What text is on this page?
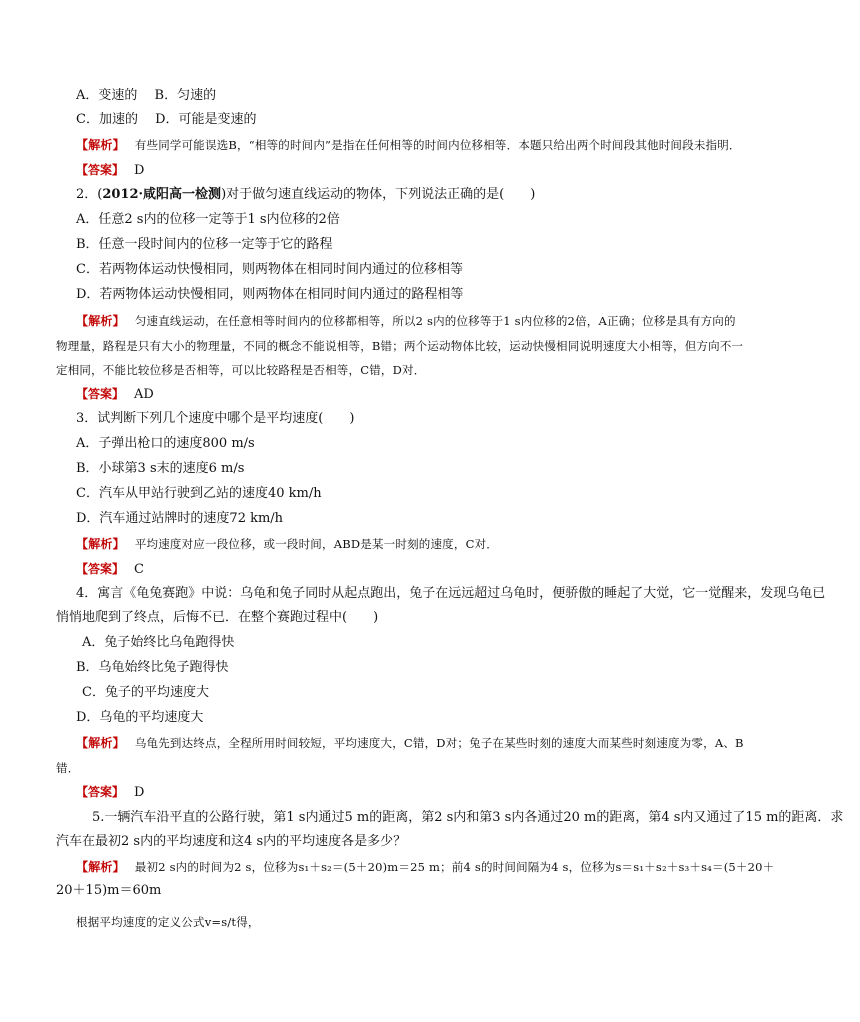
A．变速的　 B．匀速的
C．加速的　 D．可能是变速的
【解析】 有些同学可能误选B，“相等的时间内”是指在任何相等的时间内位移相等．本题只给出两个时间段其他时间段未指明．
【答案】 D
2．(2012·咸阳高一检测)对于做匀速直线运动的物体，下列说法正确的是(　　)
A．任意2 s内的位移一定等于1 s内位移的2倍
B．任意一段时间内的位移一定等于它的路程
C．若两物体运动快慢相同，则两物体在相同时间内通过的位移相等
D．若两物体运动快慢相同，则两物体在相同时间内通过的路程相等
【解析】 匀速直线运动，在任意相等时间内的位移都相等，所以2 s内的位移等于1 s内位移的2倍，A正确；位移是具有方向的
物理量，路程是只有大小的物理量，不同的概念不能说相等，B错；两个运动物体比较，运动快慢相同说明速度大小相等，但方向不一
定相同，不能比较位移是否相等，可以比较路程是否相等，C错，D对．
【答案】 AD
3．试判断下列几个速度中哪个是平均速度(　　)
A．子弹出枪口的速度800 m/s
B．小球第3 s末的速度6 m/s
C．汽车从甲站行驶到乙站的速度40 km/h
D．汽车通过站牌时的速度72 km/h
【解析】 平均速度对应一段位移，或一段时间，ABD是某一时刻的速度，C对．
【答案】 C
4．寓言《龟兔赛跑》中说：乌龟和兔子同时从起点跑出，兔子在远远超过乌龟时，便骄傲的睡起了大觉，它一觉醒来，发现乌龟已
悄悄地爬到了终点，后悔不已．在整个赛跑过程中(　　)
A．兔子始终比乌龟跑得快
B．乌龟始终比兔子跑得快
C．兔子的平均速度大
D．乌龟的平均速度大
【解析】 乌龟先到达终点，全程所用时间较短，平均速度大，C错，D对；兔子在某些时刻的速度大而某些时刻速度为零，A、B
错．
【答案】 D
5.一辆汽车沿平直的公路行驶，第1 s内通过5 m的距离，第2 s内和第3 s内各通过20 m的距离，第4 s内又通过了15 m的距离．求
汽车在最初2 s内的平均速度和这4 s内的平均速度各是多少？
【解析】 最初2 s内的时间为2 s，位移为s₁＋s₂＝(5＋20)m＝25 m；前4 s的时间间隔为4 s，位移为s＝s₁＋s₂＋s₃＋s₄＝(5＋20＋
20＋15)m＝60m
根据平均速度的定义公式v=s/t得，
